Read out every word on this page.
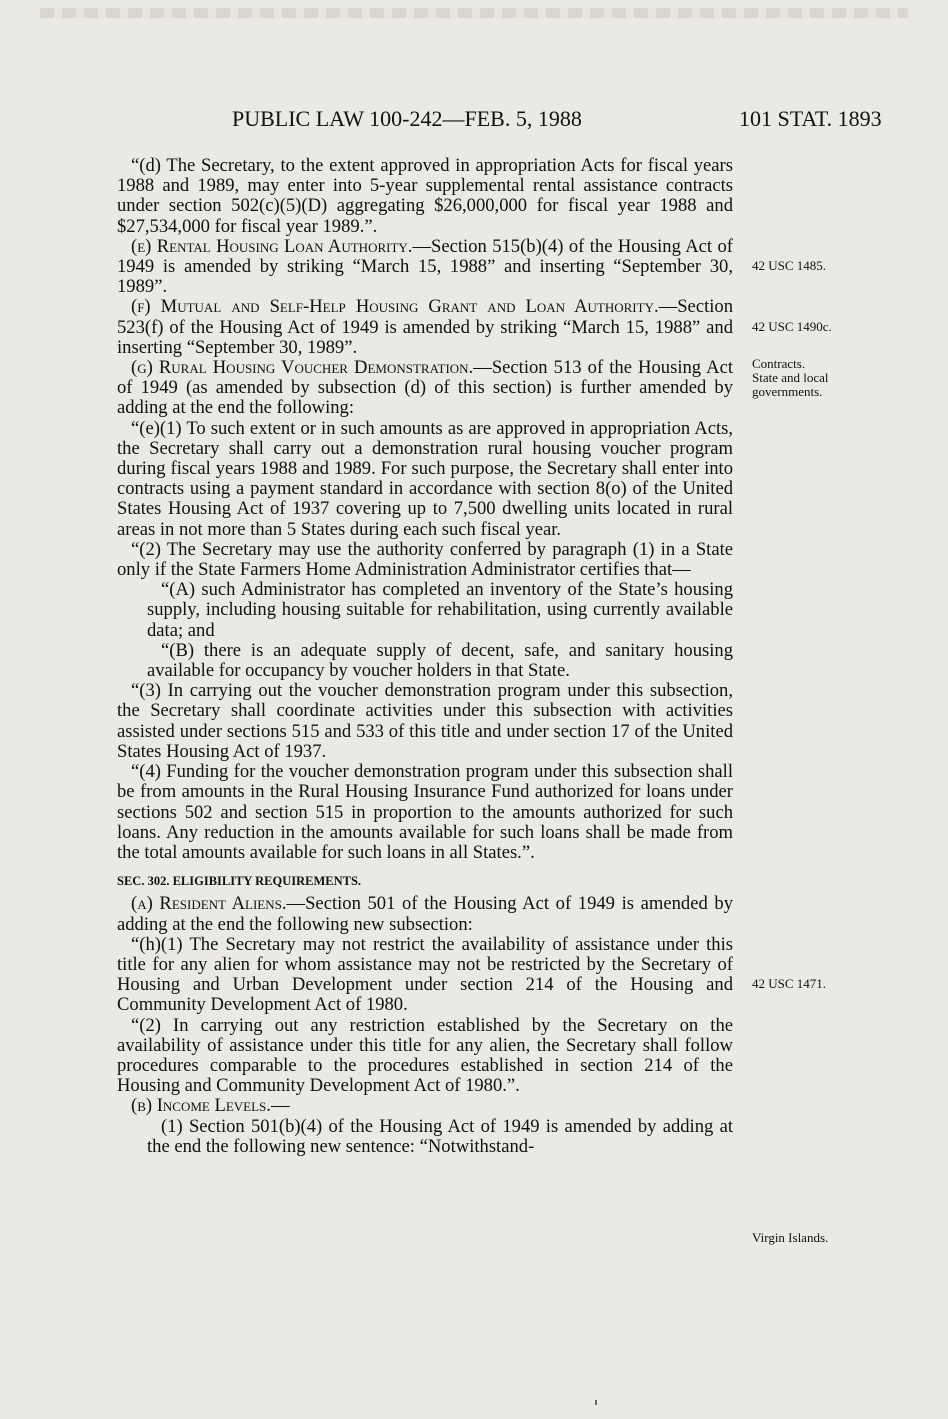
PUBLIC LAW 100-242—FEB. 5, 1988	101 STAT. 1893

“(d) The Secretary, to the extent approved in appropriation Acts for fiscal years 1988 and 1989, may enter into 5-year supplemental rental assistance contracts under section 502(c)(5)(D) aggregating $26,000,000 for fiscal year 1988 and $27,534,000 for fiscal year 1989.”.

(e) Rental Housing Loan Authority.—Section 515(b)(4) of the Housing Act of 1949 is amended by striking “March 15, 1988” and inserting “September 30, 1989”.

(f) Mutual and Self-Help Housing Grant and Loan Authority.—Section 523(f) of the Housing Act of 1949 is amended by striking “March 15, 1988” and inserting “September 30, 1989”.

(g) Rural Housing Voucher Demonstration.—Section 513 of the Housing Act of 1949 (as amended by subsection (d) of this section) is further amended by adding at the end the following:

“(e)(1) To such extent or in such amounts as are approved in appropriation Acts, the Secretary shall carry out a demonstration rural housing voucher program during fiscal years 1988 and 1989. For such purpose, the Secretary shall enter into contracts using a payment standard in accordance with section 8(o) of the United States Housing Act of 1937 covering up to 7,500 dwelling units located in rural areas in not more than 5 States during each such fiscal year.

“(2) The Secretary may use the authority conferred by paragraph (1) in a State only if the State Farmers Home Administration Administrator certifies that—

“(A) such Administrator has completed an inventory of the State’s housing supply, including housing suitable for rehabilitation, using currently available data; and

“(B) there is an adequate supply of decent, safe, and sanitary housing available for occupancy by voucher holders in that State.

“(3) In carrying out the voucher demonstration program under this subsection, the Secretary shall coordinate activities under this subsection with activities assisted under sections 515 and 533 of this title and under section 17 of the United States Housing Act of 1937.

“(4) Funding for the voucher demonstration program under this subsection shall be from amounts in the Rural Housing Insurance Fund authorized for loans under sections 502 and section 515 in proportion to the amounts authorized for such loans. Any reduction in the amounts available for such loans shall be made from the total amounts available for such loans in all States.”.

SEC. 302. ELIGIBILITY REQUIREMENTS.

(a) Resident Aliens.—Section 501 of the Housing Act of 1949 is amended by adding at the end the following new subsection:

“(h)(1) The Secretary may not restrict the availability of assistance under this title for any alien for whom assistance may not be restricted by the Secretary of Housing and Urban Development under section 214 of the Housing and Community Development Act of 1980.

“(2) In carrying out any restriction established by the Secretary on the availability of assistance under this title for any alien, the Secretary shall follow procedures comparable to the procedures established in section 214 of the Housing and Community Development Act of 1980.”.

(b) Income Levels.—

(1) Section 501(b)(4) of the Housing Act of 1949 is amended by adding at the end the following new sentence: “Notwithstand-

42 USC 1485.
42 USC 1490c.
Contracts.
State and local
governments.
42 USC 1471.
Virgin Islands.
